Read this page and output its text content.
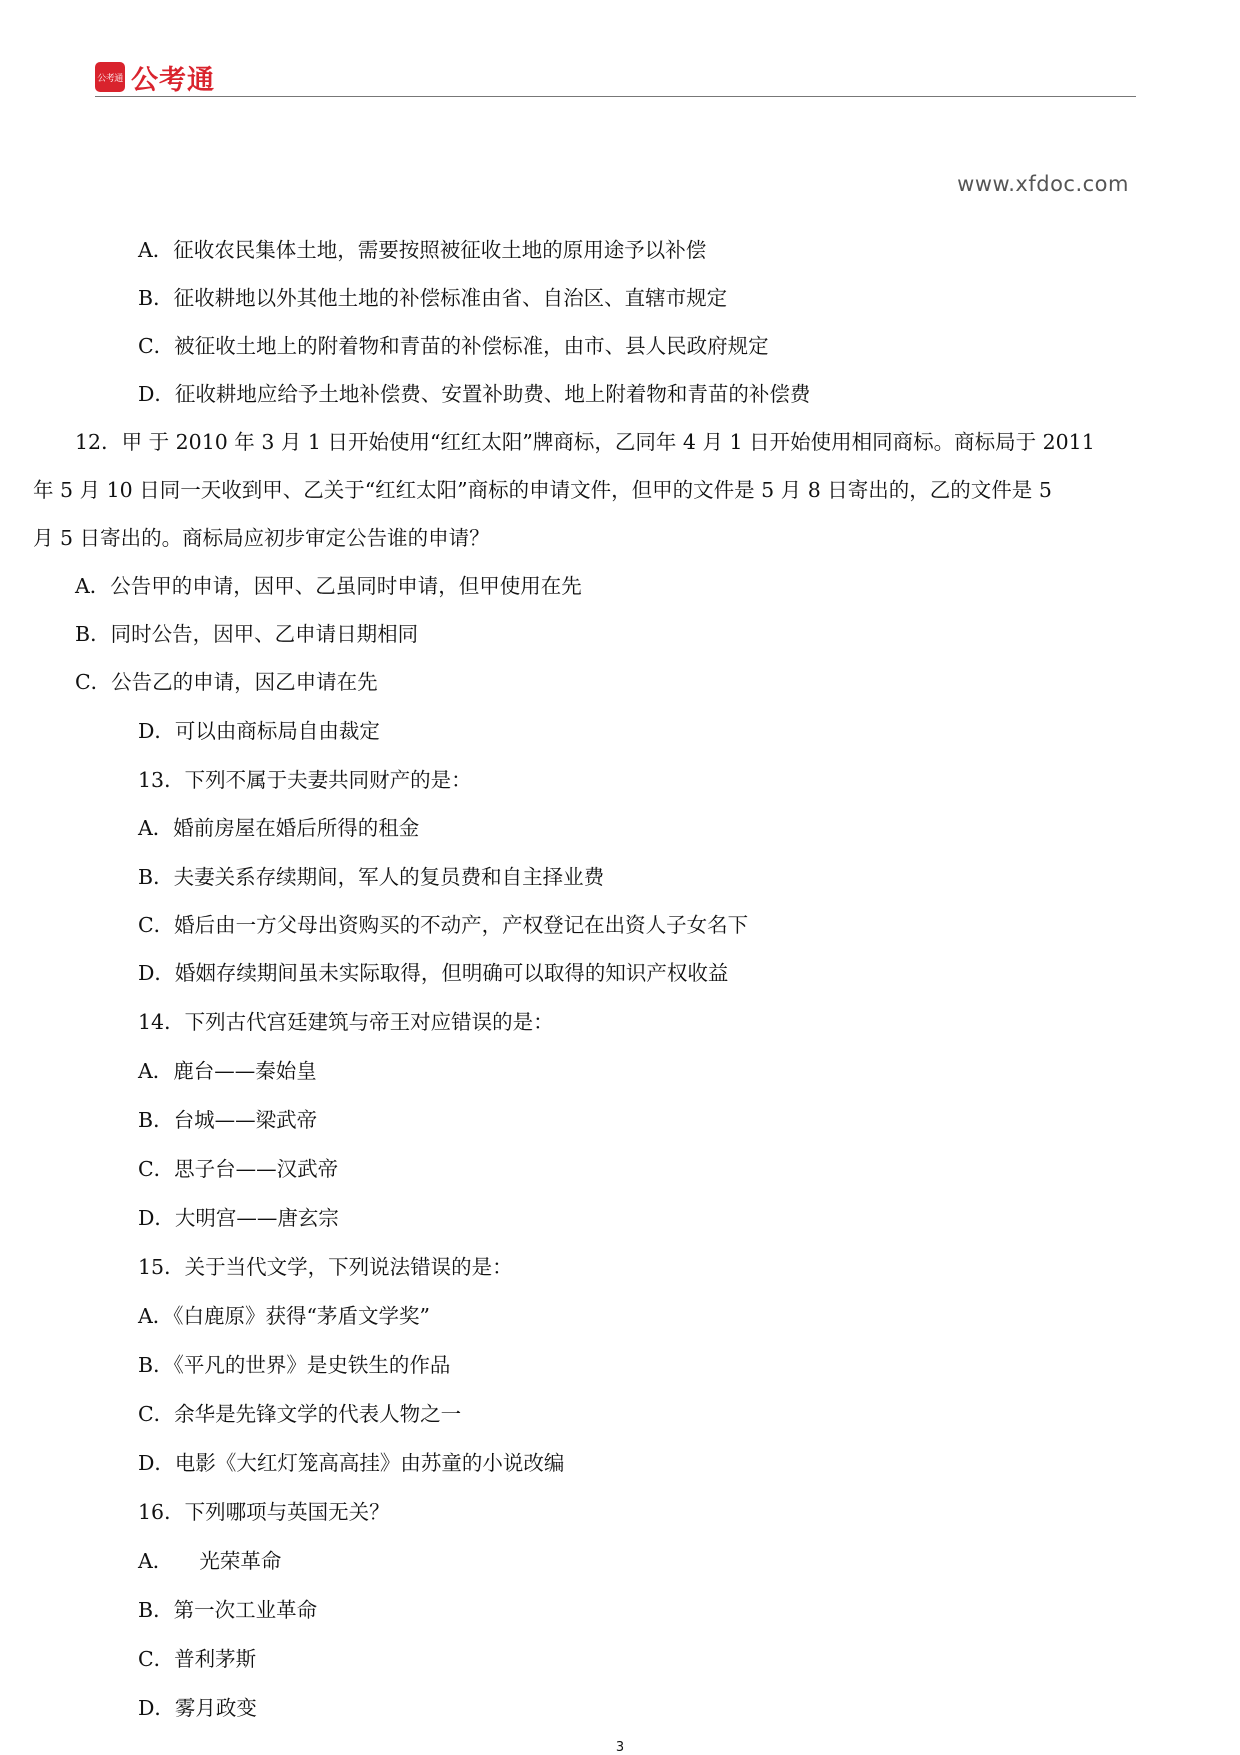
公考通 公考通
www.xfdoc.com
A．征收农民集体土地，需要按照被征收土地的原用途予以补偿
B．征收耕地以外其他土地的补偿标准由省、自治区、直辖市规定
C．被征收土地上的附着物和青苗的补偿标准，由市、县人民政府规定
D．征收耕地应给予土地补偿费、安置补助费、地上附着物和青苗的补偿费
12．甲 于 2010 年 3 月 1 日开始使用“红红太阳”牌商标，乙同年 4 月 1 日开始使用相同商标。商标局于 2011
年 5 月 10 日同一天收到甲、乙关于“红红太阳”商标的申请文件，但甲的文件是 5 月 8 日寄出的，乙的文件是 5
月 5 日寄出的。商标局应初步审定公告谁的申请？
A．公告甲的申请，因甲、乙虽同时申请，但甲使用在先
B．同时公告，因甲、乙申请日期相同
C．公告乙的申请，因乙申请在先
D．可以由商标局自由裁定
13．下列不属于夫妻共同财产的是：
A．婚前房屋在婚后所得的租金
B．夫妻关系存续期间，军人的复员费和自主择业费
C．婚后由一方父母出资购买的不动产，产权登记在出资人子女名下
D．婚姻存续期间虽未实际取得，但明确可以取得的知识产权收益
14．下列古代宫廷建筑与帝王对应错误的是：
A．鹿台——秦始皇
B．台城——梁武帝
C．思子台——汉武帝
D．大明宫——唐玄宗
15．关于当代文学，下列说法错误的是：
A．《白鹿原》获得“茅盾文学奖”
B．《平凡的世界》是史铁生的作品
C．余华是先锋文学的代表人物之一
D．电影《大红灯笼高高挂》由苏童的小说改编
16．下列哪项与英国无关？
A．    光荣革命
B．第一次工业革命
C．普利茅斯
D．雾月政变
3
